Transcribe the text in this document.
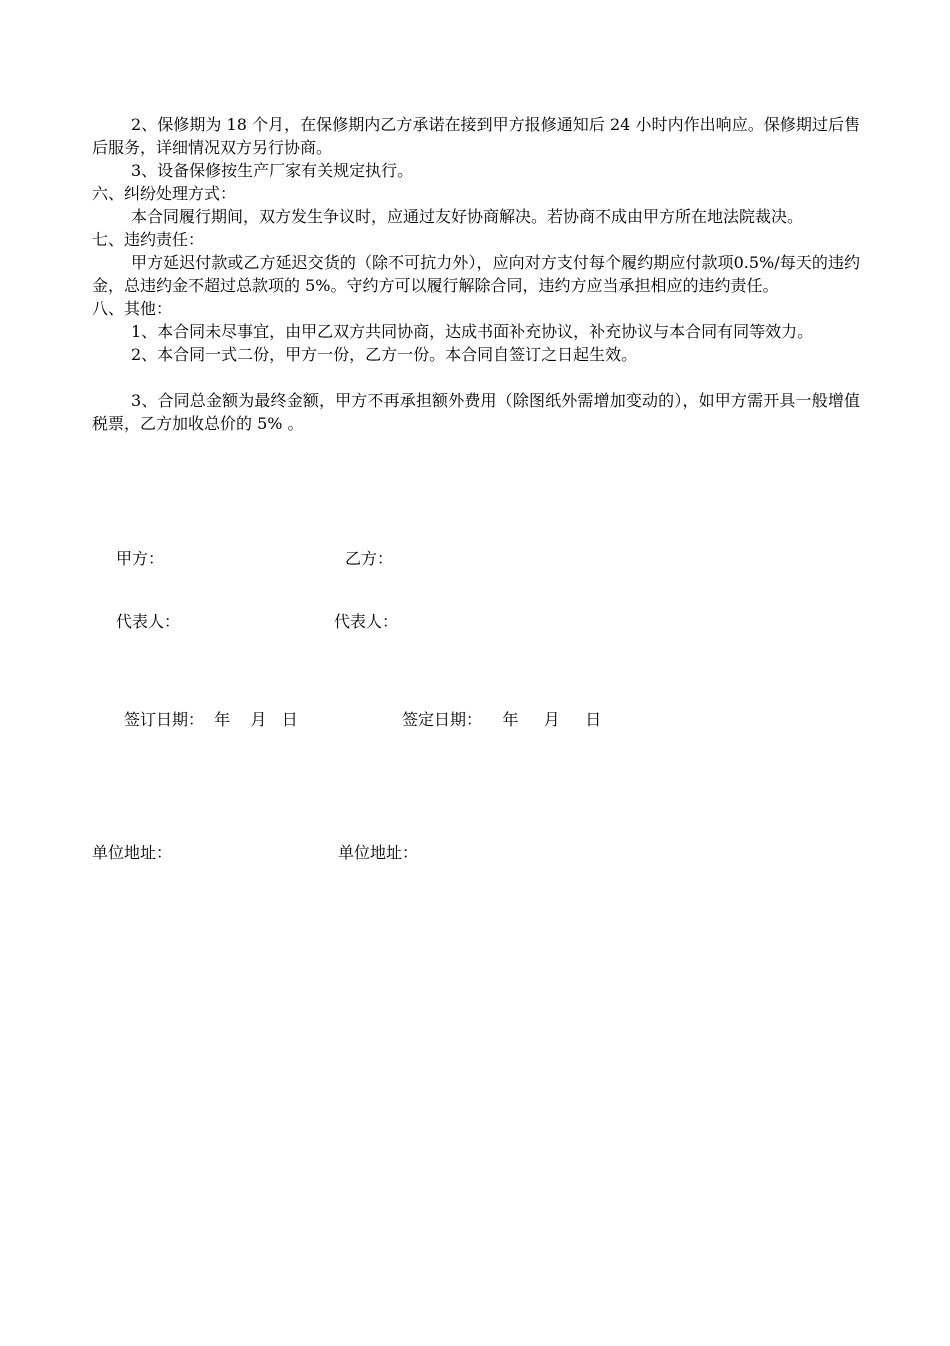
2、保修期为 18 个月，在保修期内乙方承诺在接到甲方报修通知后 24 小时内作出响应。保修期过后售后服务，详细情况双方另行协商。

3、设备保修按生产厂家有关规定执行。

六、纠纷处理方式：

本合同履行期间，双方发生争议时，应通过友好协商解决。若协商不成由甲方所在地法院裁决。

七、违约责任：

甲方延迟付款或乙方延迟交货的（除不可抗力外），应向对方支付每个履约期应付款项0.5%/每天的违约金，总违约金不超过总款项的 5%。守约方可以履行解除合同，违约方应当承担相应的违约责任。

八、其他：

1、本合同未尽事宜，由甲乙双方共同协商，达成书面补充协议，补充协议与本合同有同等效力。

2、本合同一式二份，甲方一份，乙方一份。本合同自签订之日起生效。

3、合同总金额为最终金额，甲方不再承担额外费用（除图纸外需增加变动的），如甲方需开具一般增值税票，乙方加收总价的 5% 。

甲方：	乙方：
代表人：	代表人：
签订日期：  年    月   日	签定日期：    年     月     日
单位地址：	单位地址：
